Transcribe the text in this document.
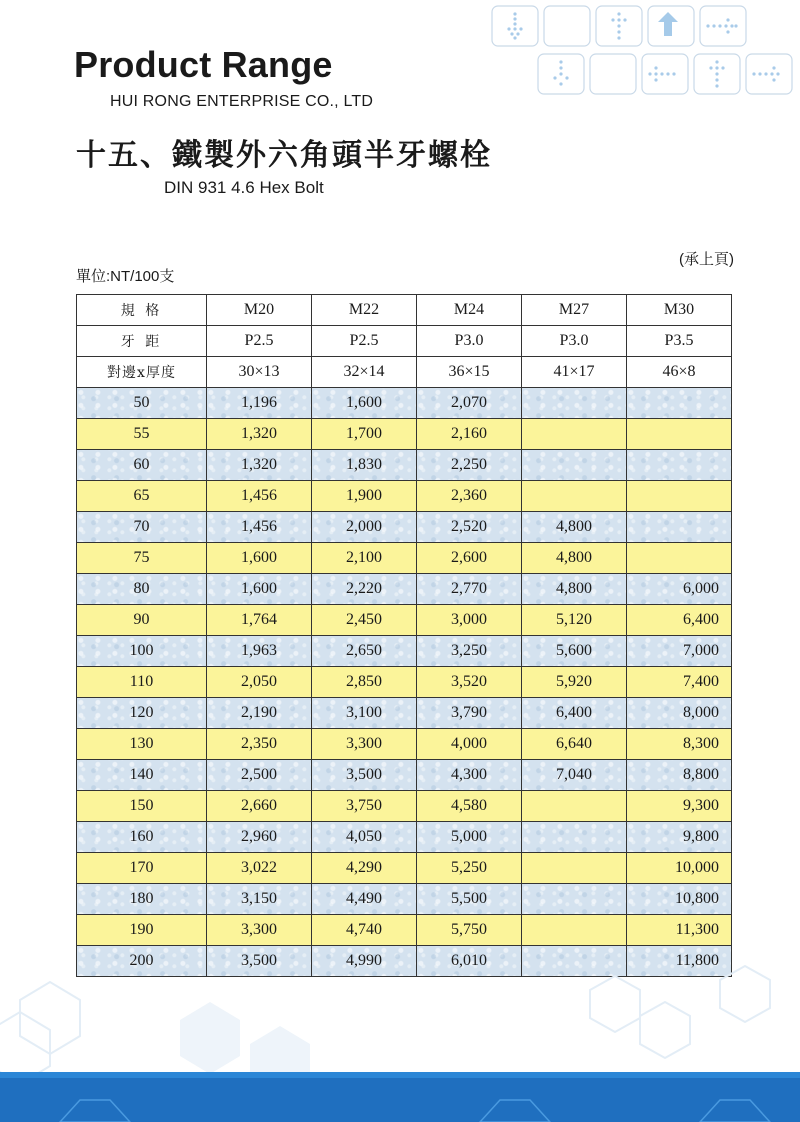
Product Range
HUI RONG ENTERPRISE CO., LTD
十五、鐵製外六角頭半牙螺栓
DIN 931 4.6 Hex Bolt
(承上頁)
單位:NT/100支
規 格	M20	M22	M24	M27	M30
牙 距	P2.5	P2.5	P3.0	P3.0	P3.5
對邊x厚度	30×13	32×14	36×15	41×17	46×8
50	1,196	1,600	2,070		
55	1,320	1,700	2,160		
60	1,320	1,830	2,250		
65	1,456	1,900	2,360		
70	1,456	2,000	2,520	4,800	
75	1,600	2,100	2,600	4,800	
80	1,600	2,220	2,770	4,800	6,000
90	1,764	2,450	3,000	5,120	6,400
100	1,963	2,650	3,250	5,600	7,000
110	2,050	2,850	3,520	5,920	7,400
120	2,190	3,100	3,790	6,400	8,000
130	2,350	3,300	4,000	6,640	8,300
140	2,500	3,500	4,300	7,040	8,800
150	2,660	3,750	4,580		9,300
160	2,960	4,050	5,000		9,800
170	3,022	4,290	5,250		10,000
180	3,150	4,490	5,500		10,800
190	3,300	4,740	5,750		11,300
200	3,500	4,990	6,010		11,800
